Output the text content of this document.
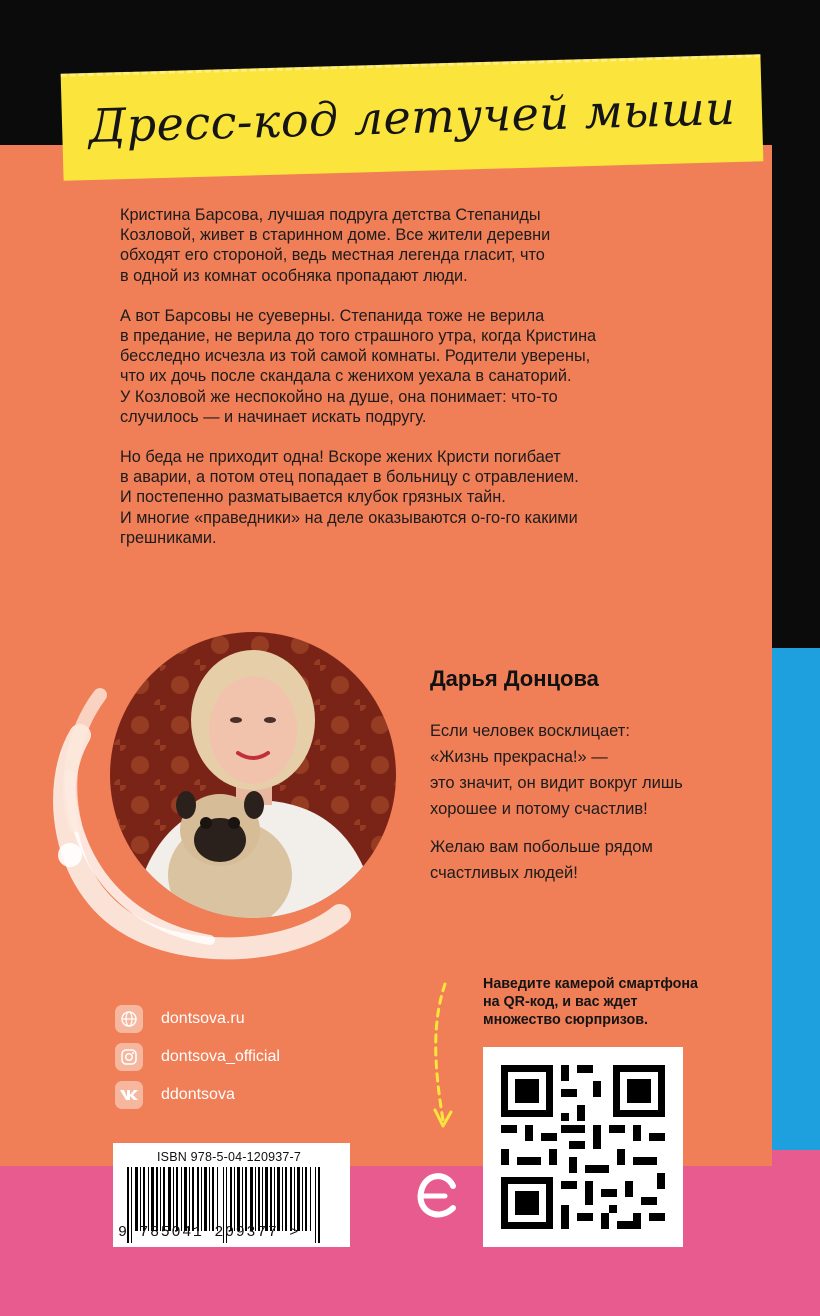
Дресс-код летучей мыши

Кристина Барсова, лучшая подруга детства Степаниды
Козловой, живет в старинном доме. Все жители деревни
обходят его стороной, ведь местная легенда гласит, что
в одной из комнат особняка пропадают люди.

А вот Барсовы не суеверны. Степанида тоже не верила
в предание, не верила до того страшного утра, когда Кристина
бесследно исчезла из той самой комнаты. Родители уверены,
что их дочь после скандала с женихом уехала в санаторий.
У Козловой же неспокойно на душе, она понимает: что-то
случилось — и начинает искать подругу.

Но беда не приходит одна! Вскоре жених Кристи погибает
в аварии, а потом отец попадает в больницу с отравлением.
И постепенно разматывается клубок грязных тайн.
И многие «праведники» на деле оказываются о-го-го какими
грешниками.

Дарья Донцова
Если человек восклицает:
«Жизнь прекрасна!» —
это значит, он видит вокруг лишь
хорошее и потому счастлив!
Желаю вам побольше рядом
счастливых людей!
dontsova.ru
dontsova_official
ddontsova
Наведите камерой смартфона
на QR-код, и вас ждет
множество сюрпризов.
ISBN 978-5-04-120937-7
9 785041 209377 >
